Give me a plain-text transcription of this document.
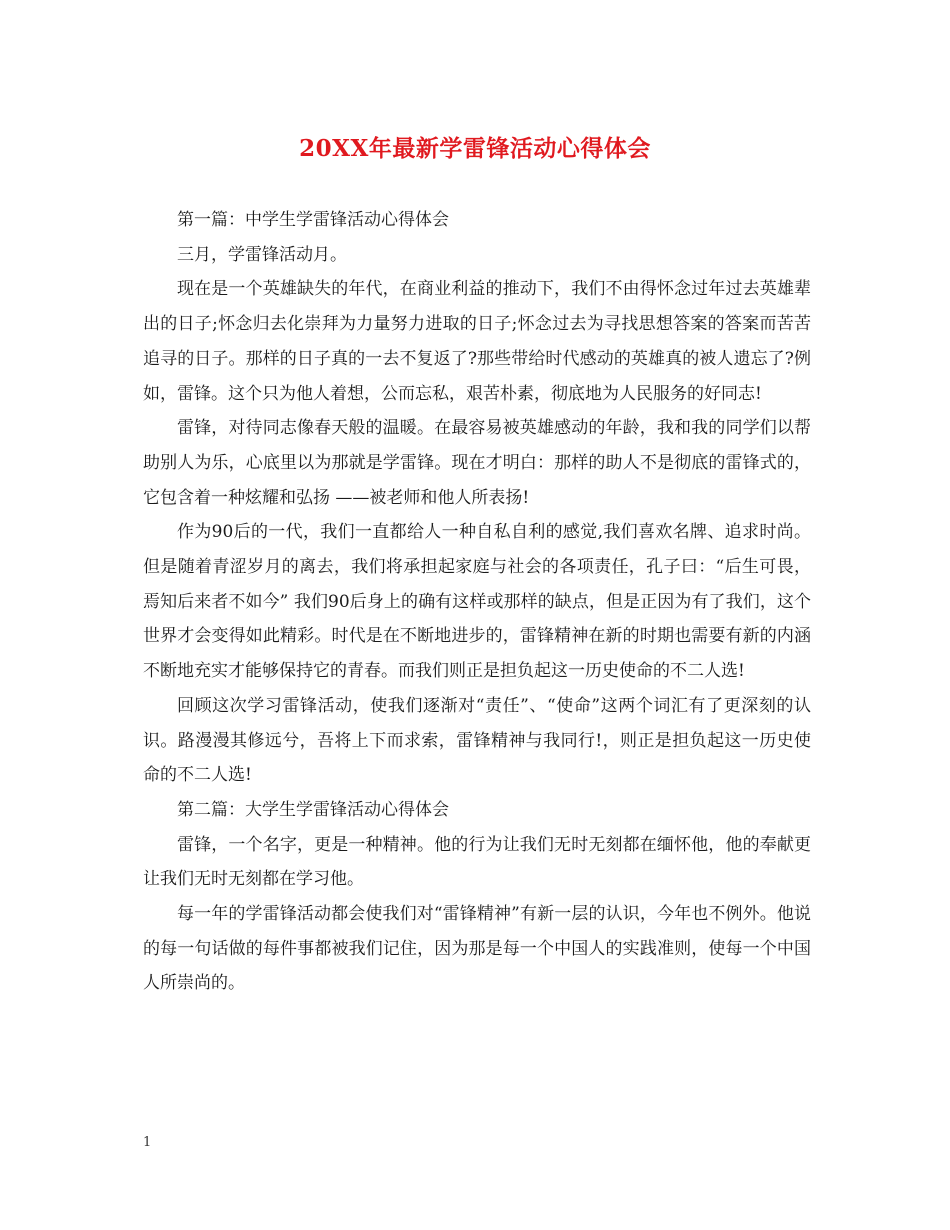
20XX年最新学雷锋活动心得体会

第一篇：中学生学雷锋活动心得体会

三月，学雷锋活动月。

现在是一个英雄缺失的年代，在商业利益的推动下，我们不由得怀念过年过去英雄辈出的日子;怀念归去化崇拜为力量努力进取的日子;怀念过去为寻找思想答案的答案而苦苦追寻的日子。那样的日子真的一去不复返了?那些带给时代感动的英雄真的被人遗忘了?例如，雷锋。这个只为他人着想，公而忘私，艰苦朴素，彻底地为人民服务的好同志!

雷锋，对待同志像春天般的温暖。在最容易被英雄感动的年龄，我和我的同学们以帮助别人为乐，心底里以为那就是学雷锋。现在才明白：那样的助人不是彻底的雷锋式的，它包含着一种炫耀和弘扬 ——被老师和他人所表扬!

作为90后的一代，我们一直都给人一种自私自利的感觉,我们喜欢名牌、追求时尚。但是随着青涩岁月的离去，我们将承担起家庭与社会的各项责任，孔子曰：“后生可畏，焉知后来者不如今” 我们90后身上的确有这样或那样的缺点，但是正因为有了我们，这个世界才会变得如此精彩。时代是在不断地进步的，雷锋精神在新的时期也需要有新的内涵不断地充实才能够保持它的青春。而我们则正是担负起这一历史使命的不二人选!

回顾这次学习雷锋活动，使我们逐渐对“责任”、“使命”这两个词汇有了更深刻的认识。路漫漫其修远兮，吾将上下而求索，雷锋精神与我同行!，则正是担负起这一历史使命的不二人选!

第二篇：大学生学雷锋活动心得体会

雷锋，一个名字，更是一种精神。他的行为让我们无时无刻都在缅怀他，他的奉献更让我们无时无刻都在学习他。

每一年的学雷锋活动都会使我们对“雷锋精神”有新一层的认识，今年也不例外。他说的每一句话做的每件事都被我们记住，因为那是每一个中国人的实践准则，使每一个中国人所崇尚的。

1
